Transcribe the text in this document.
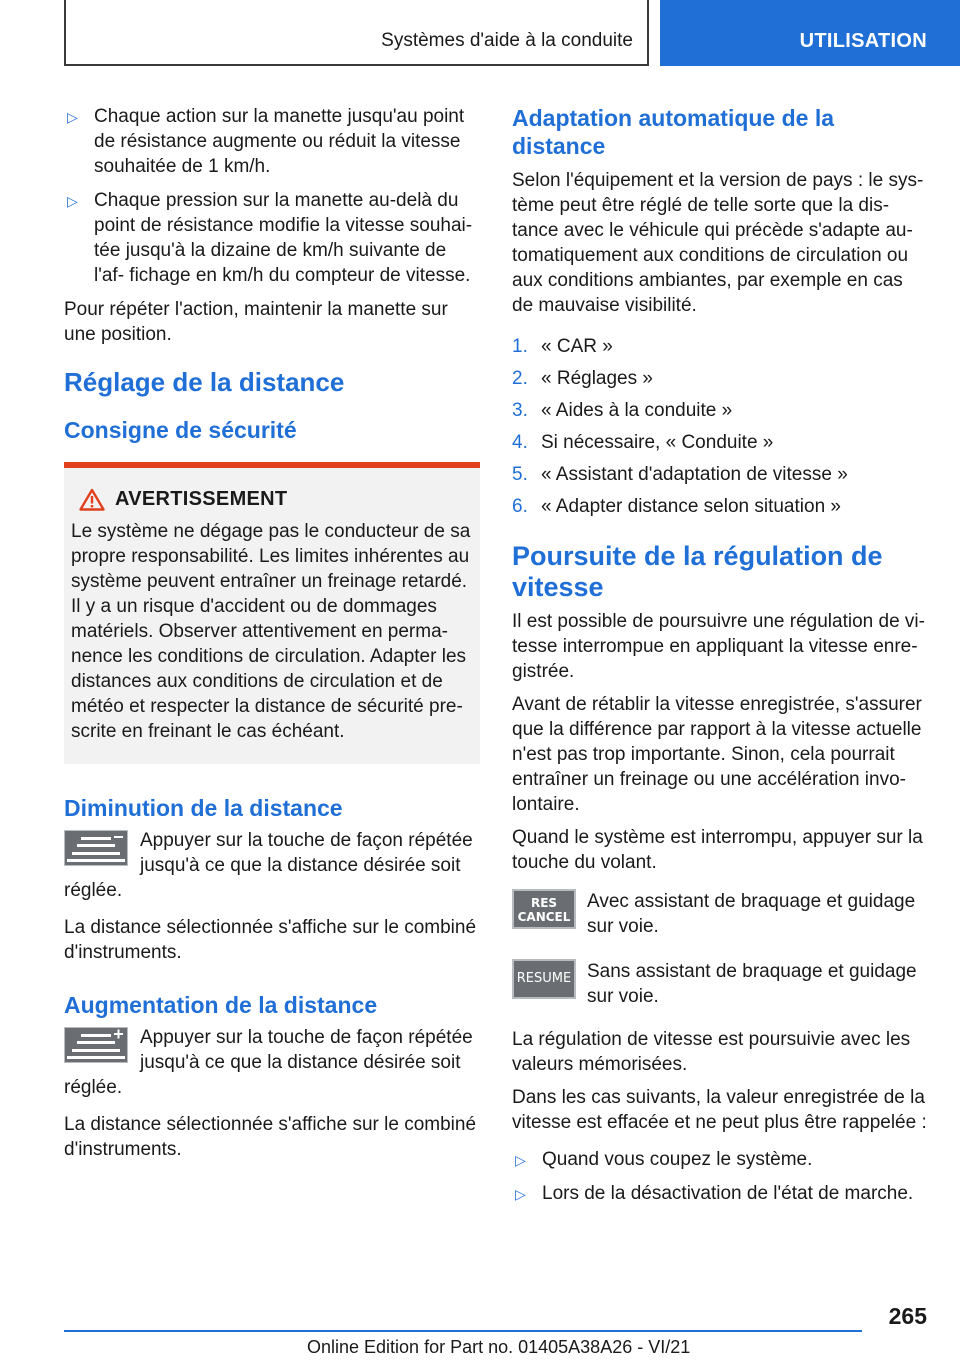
Systèmes d'aide à la conduite	UTILISATION
▷ Chaque action sur la manette jusqu'au point de résistance augmente ou réduit la vitesse souhaitée de 1 km/h.
▷ Chaque pression sur la manette au-delà du point de résistance modifie la vitesse souhai‐ tée jusqu'à la dizaine de km/h suivante de l'af‐ fichage en km/h du compteur de vitesse.

Pour répéter l'action, maintenir la manette sur une position.

Réglage de la distance
Consigne de sécurité
AVERTISSEMENT

Le système ne dégage pas le conducteur de sa propre responsabilité. Les limites inhérentes au système peuvent entraîner un freinage retardé. Il y a un risque d'accident ou de dommages matériels. Observer attentivement en perma‐ nence les conditions de circulation. Adapter les distances aux conditions de circulation et de météo et respecter la distance de sécurité pre‐ scrite en freinant le cas échéant.

Diminution de la distance
Appuyer sur la touche de façon répétée jusqu'à ce que la distance désirée soit réglée.

La distance sélectionnée s'affiche sur le combiné d'instruments.

Augmentation de la distance
Appuyer sur la touche de façon répétée jusqu'à ce que la distance désirée soit réglée.

La distance sélectionnée s'affiche sur le combiné d'instruments.

Adaptation automatique de la distance

Selon l'équipement et la version de pays : le sys‐ tème peut être réglé de telle sorte que la dis‐ tance avec le véhicule qui précède s'adapte au‐ tomatiquement aux conditions de circulation ou aux conditions ambiantes, par exemple en cas de mauvaise visibilité.

1. « CAR »
2. « Réglages »
3. « Aides à la conduite »
4. Si nécessaire, « Conduite »
5. « Assistant d'adaptation de vitesse »
6. « Adapter distance selon situation »
Poursuite de la régulation de vitesse

Il est possible de poursuivre une régulation de vi‐ tesse interrompue en appliquant la vitesse enre‐ gistrée.

Avant de rétablir la vitesse enregistrée, s'assurer que la différence par rapport à la vitesse actuelle n'est pas trop importante. Sinon, cela pourrait entraîner un freinage ou une accélération invo‐ lontaire.

Quand le système est interrompu, appuyer sur la touche du volant.

RES
CANCEL
Avec assistant de braquage et guidage sur voie.
RESUME Sans assistant de braquage et guidage sur voie.

La régulation de vitesse est poursuivie avec les valeurs mémorisées.

Dans les cas suivants, la valeur enregistrée de la vitesse est effacée et ne peut plus être rappelée :

▷ Quand vous coupez le système.
▷ Lors de la désactivation de l'état de marche.
265
Online Edition for Part no. 01405A38A26 - VI/21
